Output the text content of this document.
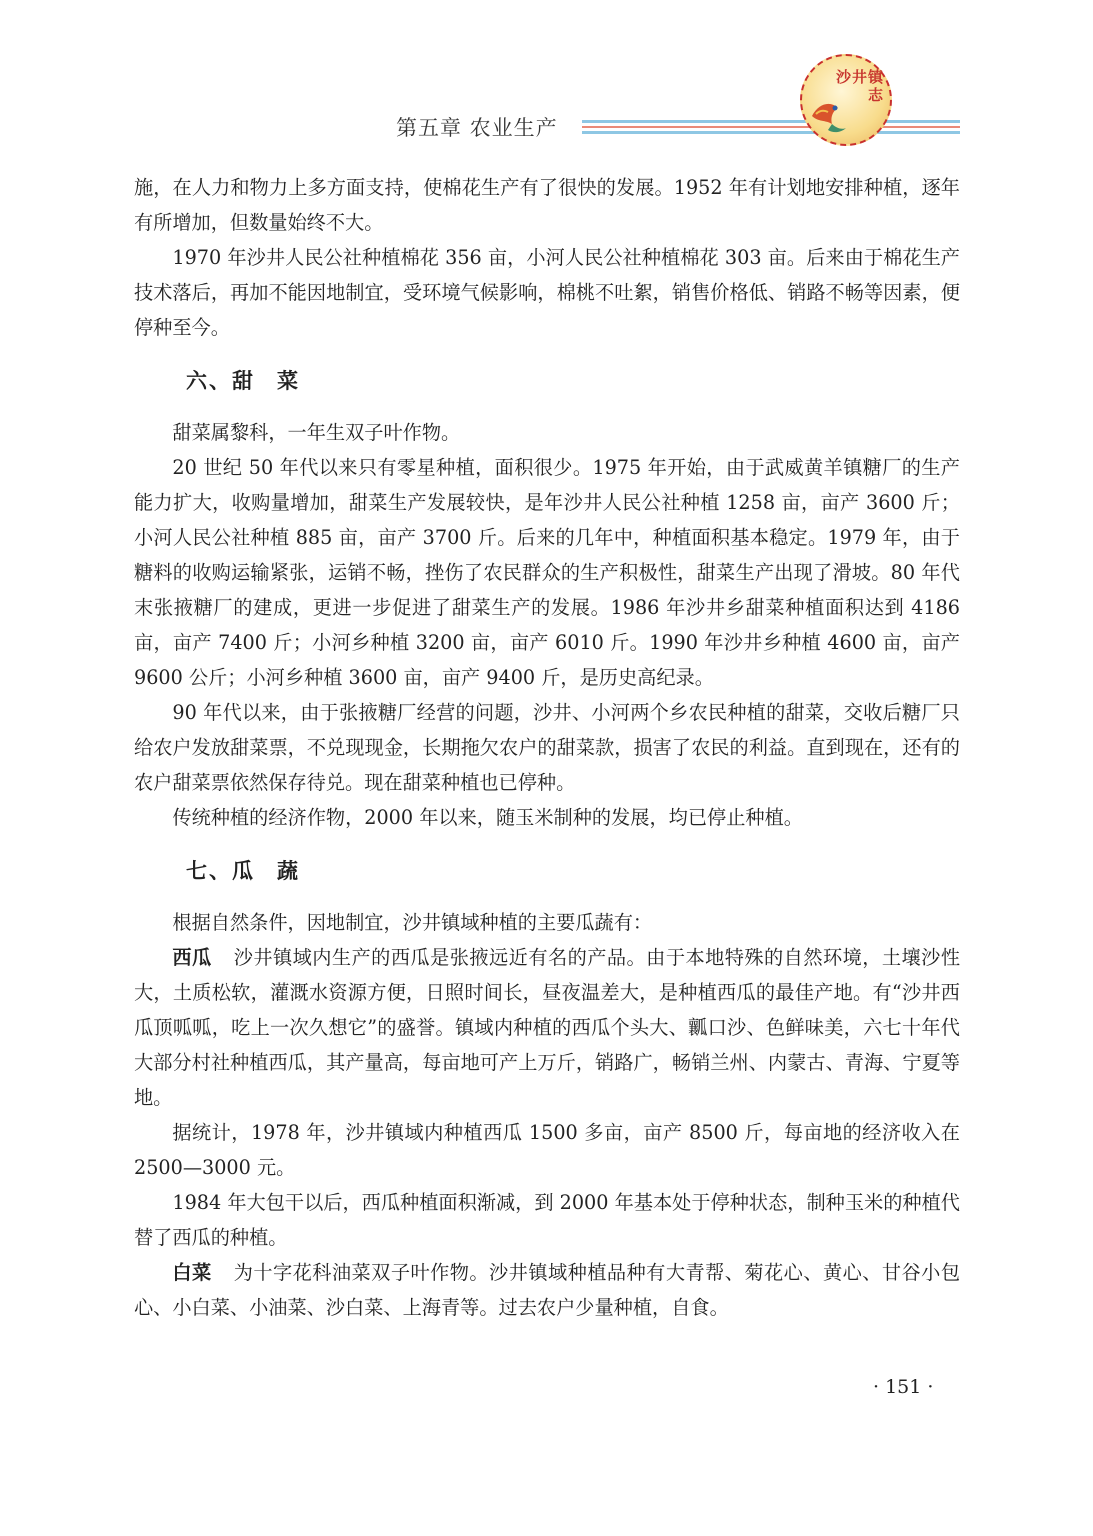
第五章 农业生产
沙井镇志

施，在人力和物力上多方面支持，使棉花生产有了很快的发展。1952 年有计划地安排种植，逐年有所增加，但数量始终不大。

1970 年沙井人民公社种植棉花 356 亩，小河人民公社种植棉花 303 亩。后来由于棉花生产技术落后，再加不能因地制宜，受环境气候影响，棉桃不吐絮，销售价格低、销路不畅等因素，便停种至今。

六、甜 菜

甜菜属黎科，一年生双子叶作物。

20 世纪 50 年代以来只有零星种植，面积很少。1975 年开始，由于武威黄羊镇糖厂的生产能力扩大，收购量增加，甜菜生产发展较快，是年沙井人民公社种植 1258 亩，亩产 3600 斤；小河人民公社种植 885 亩，亩产 3700 斤。后来的几年中，种植面积基本稳定。1979 年，由于糖料的收购运输紧张，运销不畅，挫伤了农民群众的生产积极性，甜菜生产出现了滑坡。80 年代末张掖糖厂的建成，更进一步促进了甜菜生产的发展。1986 年沙井乡甜菜种植面积达到 4186 亩，亩产 7400 斤；小河乡种植 3200 亩，亩产 6010 斤。1990 年沙井乡种植 4600 亩，亩产 9600 公斤；小河乡种植 3600 亩，亩产 9400 斤，是历史高纪录。

90 年代以来，由于张掖糖厂经营的问题，沙井、小河两个乡农民种植的甜菜，交收后糖厂只给农户发放甜菜票，不兑现现金，长期拖欠农户的甜菜款，损害了农民的利益。直到现在，还有的农户甜菜票依然保存待兑。现在甜菜种植也已停种。

传统种植的经济作物，2000 年以来，随玉米制种的发展，均已停止种植。

七、瓜 蔬

根据自然条件，因地制宜，沙井镇域种植的主要瓜蔬有：

西瓜 沙井镇域内生产的西瓜是张掖远近有名的产品。由于本地特殊的自然环境，土壤沙性大，土质松软，灌溉水资源方便，日照时间长，昼夜温差大，是种植西瓜的最佳产地。有“沙井西瓜顶呱呱，吃上一次久想它”的盛誉。镇域内种植的西瓜个头大、瓤口沙、色鲜味美，六七十年代大部分村社种植西瓜，其产量高，每亩地可产上万斤，销路广，畅销兰州、内蒙古、青海、宁夏等地。

据统计，1978 年，沙井镇域内种植西瓜 1500 多亩，亩产 8500 斤，每亩地的经济收入在 2500—3000 元。

1984 年大包干以后，西瓜种植面积渐减，到 2000 年基本处于停种状态，制种玉米的种植代替了西瓜的种植。

白菜 为十字花科油菜双子叶作物。沙井镇域种植品种有大青帮、菊花心、黄心、甘谷小包心、小白菜、小油菜、沙白菜、上海青等。过去农户少量种植，自食。

· 151 ·
